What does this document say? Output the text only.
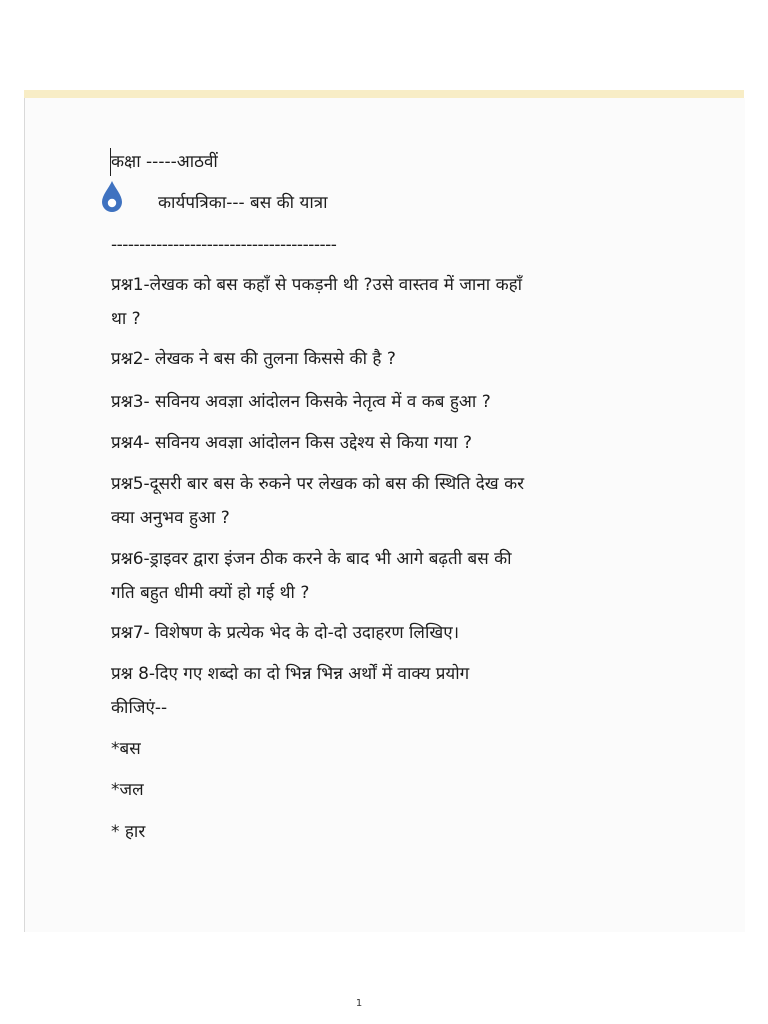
कक्षा -----आठवीं
कार्यपत्रिका--- बस की यात्रा
----------------------------------------
प्रश्न1-लेखक को बस कहाँ से पकड़नी थी ?उसे वास्तव में जाना कहाँ
था ?
प्रश्न2- लेखक ने बस की तुलना किससे की है ?
प्रश्न3- सविनय अवज्ञा आंदोलन किसके नेतृत्व में व कब हुआ ?
प्रश्न4- सविनय अवज्ञा आंदोलन किस उद्देश्य से किया गया ?
प्रश्न5-दूसरी बार बस के रुकने पर लेखक को बस की स्थिति देख कर
क्या अनुभव हुआ ?
प्रश्न6-ड्राइवर द्वारा इंजन ठीक करने के बाद भी आगे बढ़ती बस की
गति बहुत धीमी क्यों हो गई थी ?
प्रश्न7- विशेषण के प्रत्येक भेद के दो-दो उदाहरण लिखिए।
प्रश्न 8-दिए गए शब्दो का दो भिन्न भिन्न अर्थों में वाक्य प्रयोग
कीजिएं--
*बस
*जल
* हार
1
